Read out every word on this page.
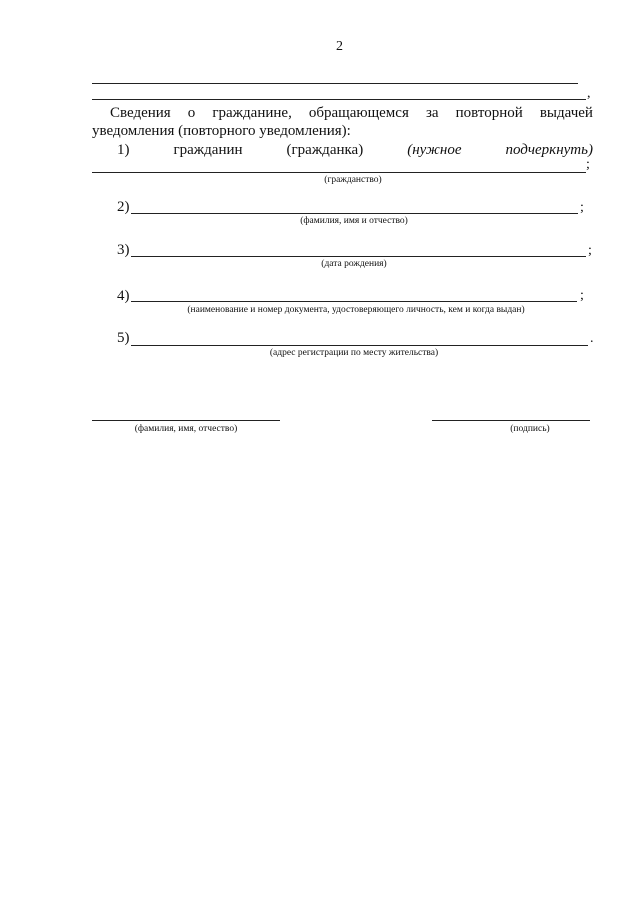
2
,
Сведения о гражданине, обращающемся за повторной выдачей
уведомления (повторного уведомления):
1)	гражданин	(гражданка)	(нужное	подчеркнуть)
;
(гражданство)
2)	;
(фамилия, имя и отчество)
3)	;
(дата рождения)
4)	;
(наименование и номер документа, удостоверяющего личность, кем и когда выдан)
5)	.
(адрес регистрации по месту жительства)
(фамилия, имя, отчество)	(подпись)
